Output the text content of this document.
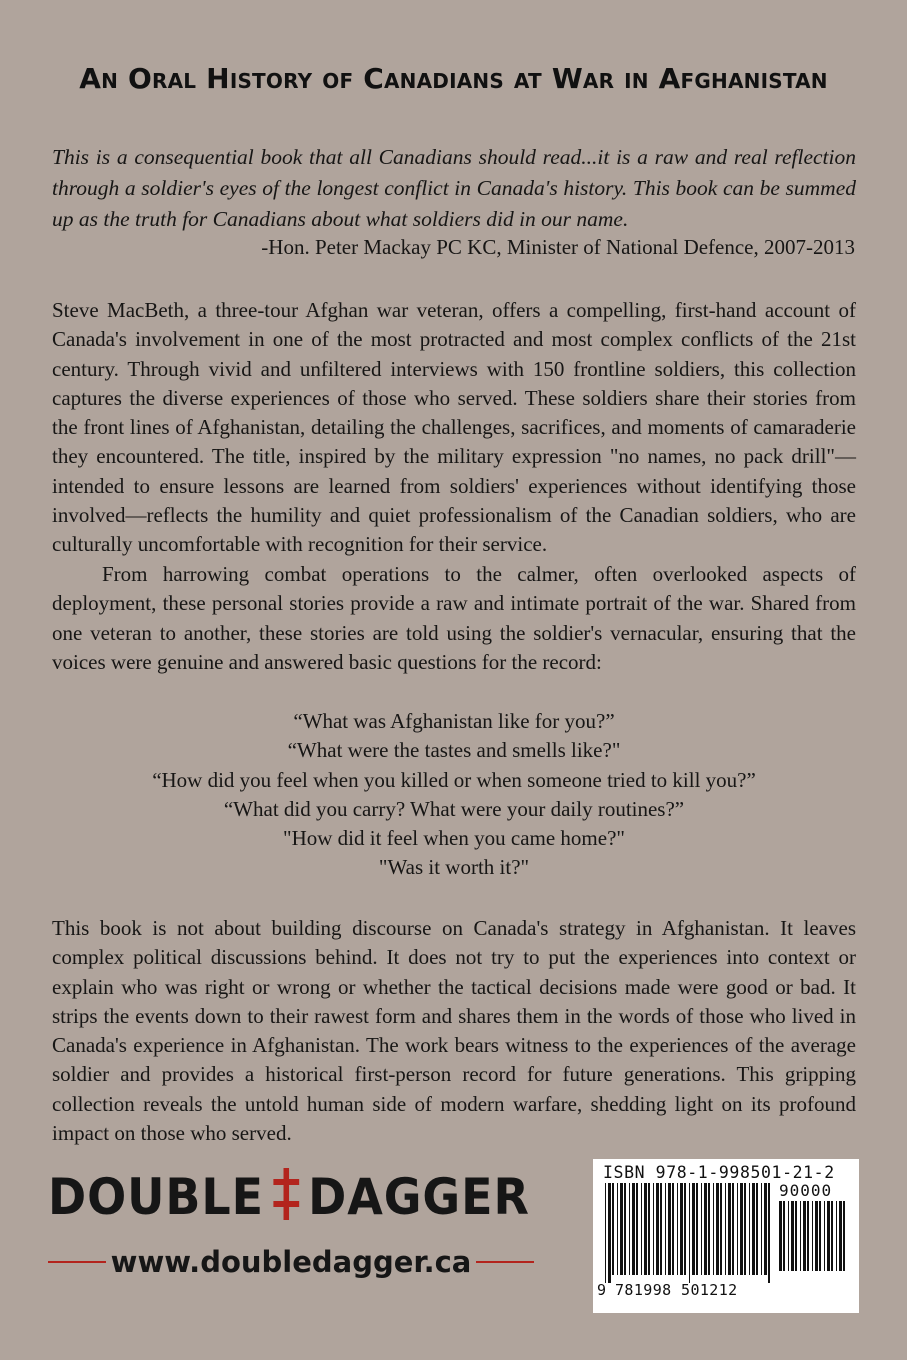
An Oral History of Canadians at War in Afghanistan

This is a consequential book that all Canadians should read...it is a raw and real reflection through a soldier's eyes of the longest conflict in Canada's history. This book can be summed up as the truth for Canadians about what soldiers did in our name.

-Hon. Peter Mackay PC KC, Minister of National Defence, 2007-2013

Steve MacBeth, a three-tour Afghan war veteran, offers a compelling, first-hand account of Canada's involvement in one of the most protracted and most complex conflicts of the 21st century. Through vivid and unfiltered interviews with 150 frontline soldiers, this collection captures the diverse experiences of those who served. These soldiers share their stories from the front lines of Afghanistan, detailing the challenges, sacrifices, and moments of camaraderie they encountered. The title, inspired by the military expression "no names, no pack drill"—intended to ensure lessons are learned from soldiers' experiences without identifying those involved—reflects the humility and quiet professionalism of the Canadian soldiers, who are culturally uncomfortable with recognition for their service.

From harrowing combat operations to the calmer, often overlooked aspects of deployment, these personal stories provide a raw and intimate portrait of the war. Shared from one veteran to another, these stories are told using the soldier's vernacular, ensuring that the voices were genuine and answered basic questions for the record:

“What was Afghanistan like for you?”
“What were the tastes and smells like?"
“How did you feel when you killed or when someone tried to kill you?”
“What did you carry? What were your daily routines?”
"How did it feel when you came home?"
"Was it worth it?"

This book is not about building discourse on Canada's strategy in Afghanistan. It leaves complex political discussions behind. It does not try to put the experiences into context or explain who was right or wrong or whether the tactical decisions made were good or bad. It strips the events down to their rawest form and shares them in the words of those who lived in Canada's experience in Afghanistan. The work bears witness to the experiences of the average soldier and provides a historical first-person record for future generations. This gripping collection reveals the untold human side of modern warfare, shedding light on its profound impact on those who served.

DOUBLE DAGGER
www.doubledagger.ca
ISBN 978-1-998501-21-2
90000
9 781998 501212
